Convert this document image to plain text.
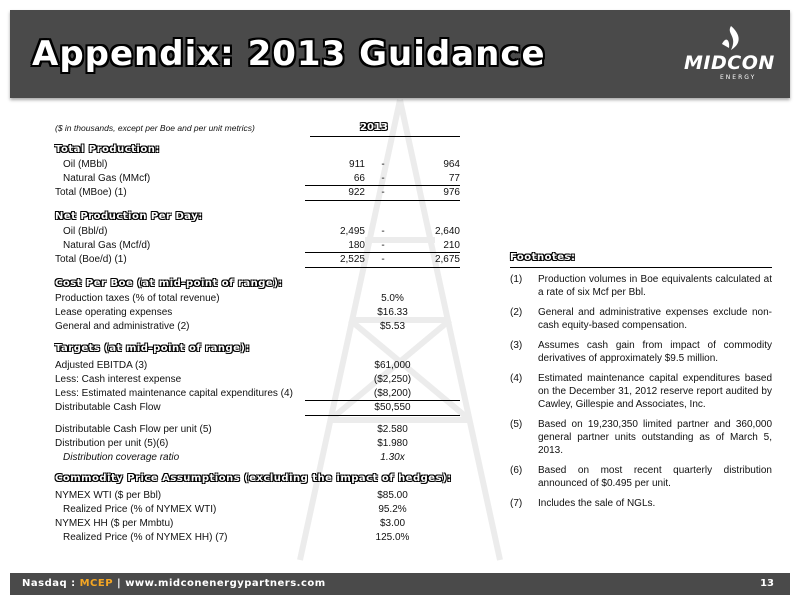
Appendix: 2013 Guidance	MIDCON
ENERGY
($ in thousands, except per Boe and per unit metrics)	2013
Total Production:
Oil (MBbl)	911	-	964
Natural Gas (MMcf)	66	-	77
Total (MBoe) (1)	922	-	976
Net Production Per Day:
Oil (Bbl/d)	2,495	-	2,640
Natural Gas (Mcf/d)	180	-	210
Total (Boe/d) (1)	2,525	-	2,675
Cost Per Boe (at mid-point of range):
Production taxes (% of total revenue)	5.0%
Lease operating expenses	$16.33
General and administrative (2)	$5.53
Targets (at mid-point of range):
Adjusted EBITDA (3)	$61,000
Less: Cash interest expense	($2,250)
Less: Estimated maintenance capital expenditures (4)	($8,200)
Distributable Cash Flow	$50,550
Distributable Cash Flow per unit (5)	$2.580
Distribution per unit (5)(6)	$1.980
Distribution coverage ratio	1.30x
Commodity Price Assumptions (excluding the impact of hedges):
NYMEX WTI ($ per Bbl)	$85.00
Realized Price (% of NYMEX WTI)	95.2%
NYMEX HH ($ per Mmbtu)	$3.00
Realized Price (% of NYMEX HH) (7)	125.0%
Footnotes:
(1) Production volumes in Boe equivalents calculated at a rate of six Mcf per Bbl.
(2) General and administrative expenses exclude non-cash equity-based compensation.
(3) Assumes cash gain from impact of commodity derivatives of approximately $9.5 million.
(4) Estimated maintenance capital expenditures based on the December 31, 2012 reserve report audited by Cawley, Gillespie and Associates, Inc.
(5) Based on 19,230,350 limited partner and 360,000 general partner units outstanding as of March 5, 2013.
(6) Based on most recent quarterly distribution announced of $0.495 per unit.
(7) Includes the sale of NGLs.
Nasdaq : MCEP | www.midconenergypartners.com	13
